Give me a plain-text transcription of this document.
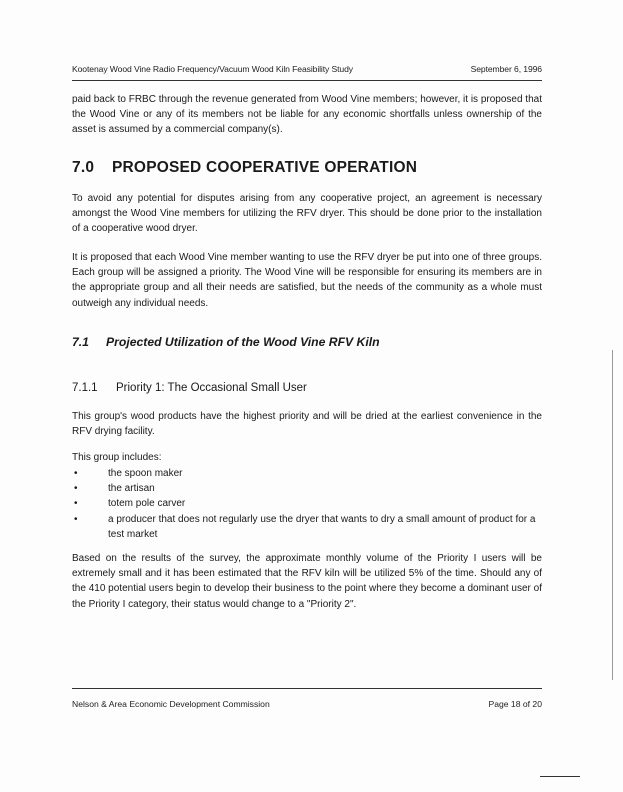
Kootenay Wood Vine Radio Frequency/Vacuum Wood Kiln Feasibility Study	September 6, 1996

paid back to FRBC through the revenue generated from Wood Vine members; however, it is proposed that the Wood Vine or any of its members not be liable for any economic shortfalls unless ownership of the asset is assumed by a commercial company(s).

7.0 PROPOSED COOPERATIVE OPERATION

To avoid any potential for disputes arising from any cooperative project, an agreement is necessary amongst the Wood Vine members for utilizing the RFV dryer. This should be done prior to the installation of a cooperative wood dryer.

It is proposed that each Wood Vine member wanting to use the RFV dryer be put into one of three groups. Each group will be assigned a priority. The Wood Vine will be responsible for ensuring its members are in the appropriate group and all their needs are satisfied, but the needs of the community as a whole must outweigh any individual needs.

7.1 Projected Utilization of the Wood Vine RFV Kiln
7.1.1 Priority 1: The Occasional Small User

This group's wood products have the highest priority and will be dried at the earliest convenience in the RFV drying facility.

This group includes:

•	the spoon maker
•	the artisan
•	totem pole carver
•	a producer that does not regularly use the dryer that wants to dry a small amount of product for a test market

Based on the results of the survey, the approximate monthly volume of the Priority I users will be extremely small and it has been estimated that the RFV kiln will be utilized 5% of the time. Should any of the 410 potential users begin to develop their business to the point where they become a dominant user of the Priority I category, their status would change to a "Priority 2".

Nelson & Area Economic Development Commission	Page 18 of 20
